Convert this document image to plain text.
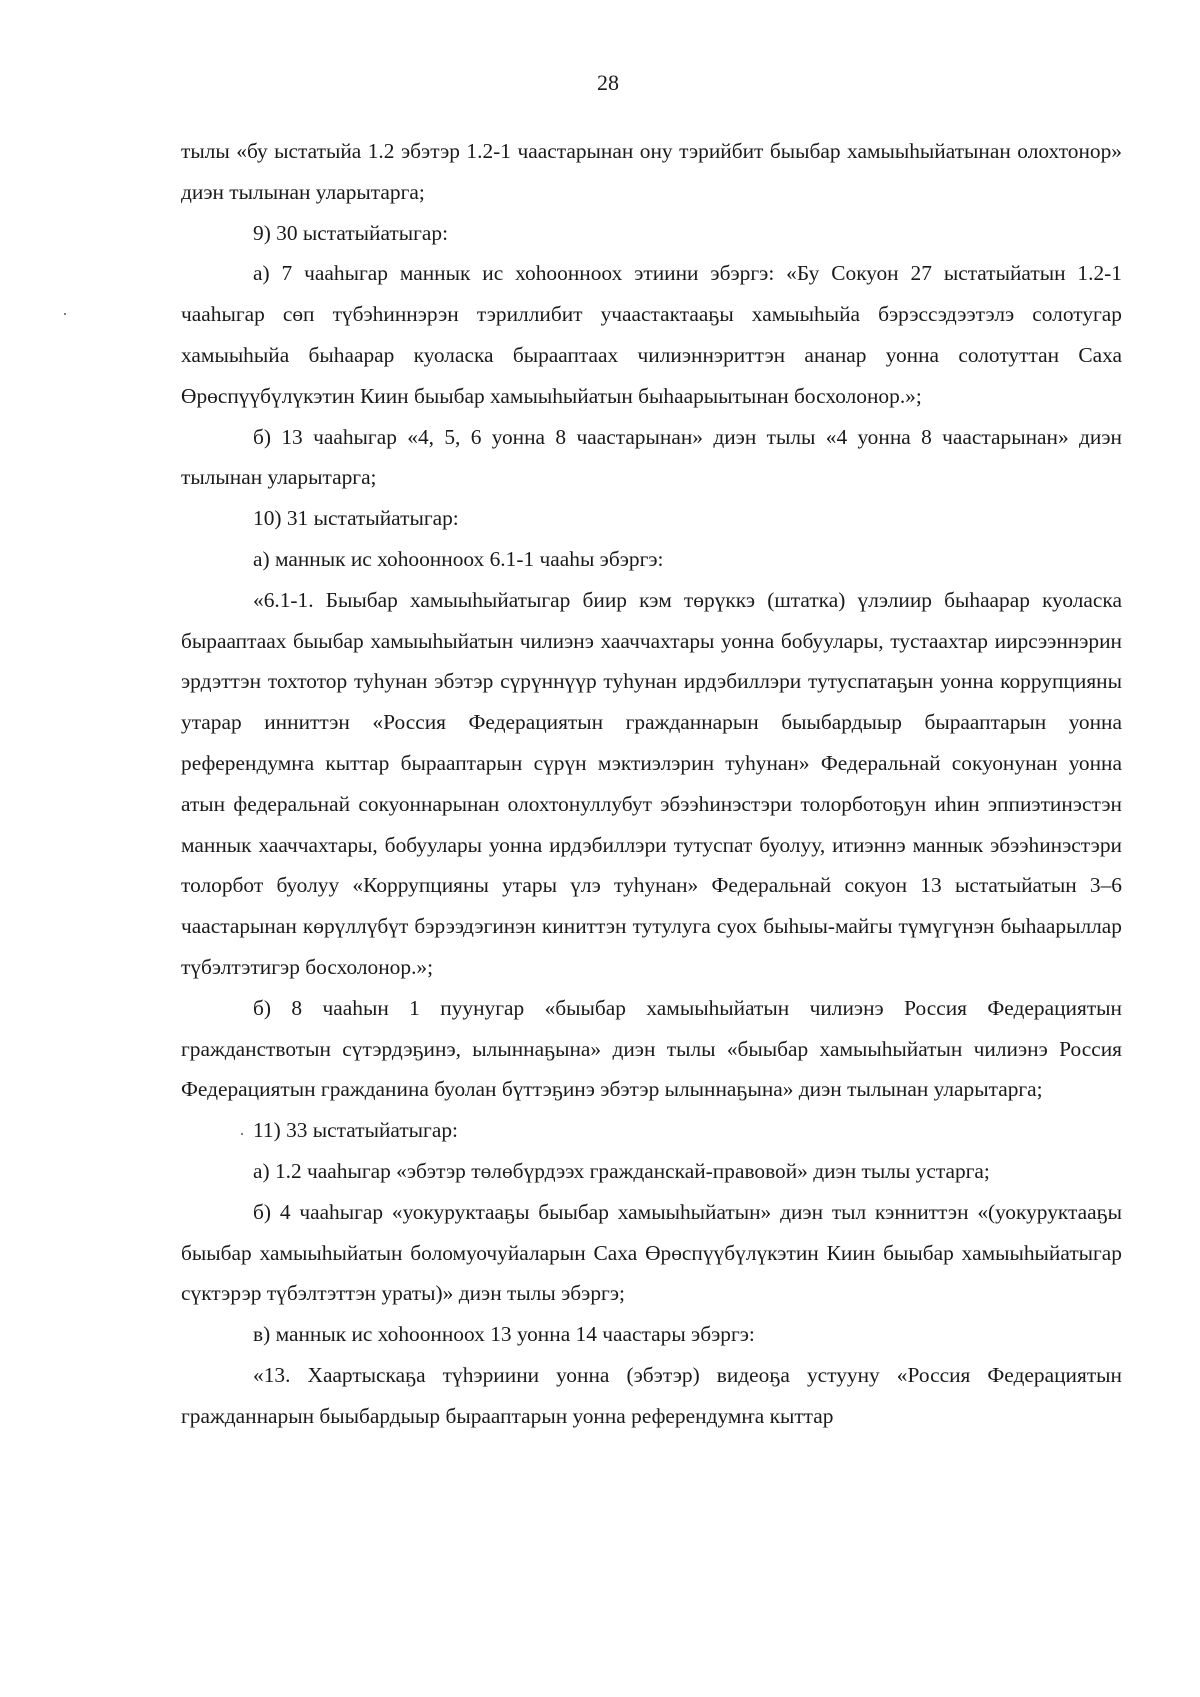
28

тылы «бу ыстатыйа 1.2 эбэтэр 1.2-1 чаастарынан ону тэрийбит быыбар хамыыһыйатынан олохтонор» диэн тылынан уларытарга;

9) 30 ыстатыйатыгар:

а) 7 чааһыгар маннык ис хоһоонноох этиини эбэргэ: «Бу Сокуон 27 ыстатыйатын 1.2-1 чааһыгар сөп түбэһиннэрэн тэриллибит учаастактааҕы хамыыһыйа бэрэссэдээтэлэ солотугар хамыыһыйа быһаарар куоласка бырааптаах чилиэннэриттэн ананар уонна солотуттан Саха Өрөспүүбүлүкэтин Киин быыбар хамыыһыйатын быһаарыытынан босхолонор.»;

б) 13 чааһыгар «4, 5, 6 уонна 8 чаастарынан» диэн тылы «4 уонна 8 чаастарынан» диэн тылынан уларытарга;

10) 31 ыстатыйатыгар:

а) маннык ис хоһоонноох 6.1-1 чааһы эбэргэ:

«6.1-1. Быыбар хамыыһыйатыгар биир кэм төрүккэ (штатка) үлэлиир быһаарар куоласка бырааптаах быыбар хамыыһыйатын чилиэнэ хааччахтары уонна бобуулары, тустаахтар иирсээннэрин эрдэттэн тохтотор туһунан эбэтэр сүрүннүүр туһунан ирдэбиллэри тутуспатаҕын уонна коррупцияны утарар инниттэн «Россия Федерациятын гражданнарын быыбардыыр бырааптарын уонна референдумҥа кыттар бырааптарын сүрүн мэктиэлэрин туһунан» Федеральнай сокуонунан уонна атын федеральнай сокуоннарынан олохтонуллубут эбээһинэстэри толорботоҕун иһин эппиэтинэстэн маннык хааччахтары, бобуулары уонна ирдэбиллэри тутуспат буолуу, итиэннэ маннык эбээһинэстэри толорбот буолуу «Коррупцияны утары үлэ туһунан» Федеральнай сокуон 13 ыстатыйатын 3–6 чаастарынан көрүллүбүт бэрээдэгинэн киниттэн тутулуга суох быһыы-майгы түмүгүнэн быһаарыллар түбэлтэтигэр босхолонор.»;

б) 8 чааһын 1 пуунугар «быыбар хамыыһыйатын чилиэнэ Россия Федерациятын гражданствотын сүтэрдэҕинэ, ылыннаҕына» диэн тылы «быыбар хамыыһыйатын чилиэнэ Россия Федерациятын гражданина буолан бүттэҕинэ эбэтэр ылыннаҕына» диэн тылынан уларытарга;

11) 33 ыстатыйатыгар:

а) 1.2 чааһыгар «эбэтэр төлөбүрдээх гражданскай-правовой» диэн тылы устарга;

б) 4 чааһыгар «уокуруктааҕы быыбар хамыыһыйатын» диэн тыл кэнниттэн «(уокуруктааҕы быыбар хамыыһыйатын боломуочуйаларын Саха Өрөспүүбүлүкэтин Киин быыбар хамыыһыйатыгар сүктэрэр түбэлтэттэн ураты)» диэн тылы эбэргэ;

в) маннык ис хоһоонноох 13 уонна 14 чаастары эбэргэ:

«13. Хаартыскаҕа түһэриини уонна (эбэтэр) видеоҕа устууну «Россия Федерациятын гражданнарын быыбардыыр бырааптарын уонна референдумҥа кыттар
